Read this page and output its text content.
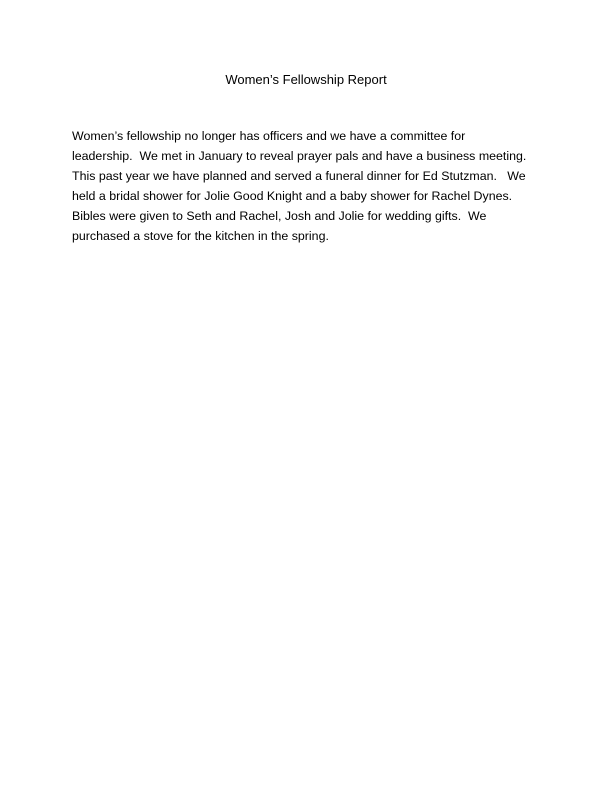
Women’s Fellowship Report

Women’s fellowship no longer has officers and we have a committee for
leadership.  We met in January to reveal prayer pals and have a business meeting.
This past year we have planned and served a funeral dinner for Ed Stutzman.   We
held a bridal shower for Jolie Good Knight and a baby shower for Rachel Dynes.
Bibles were given to Seth and Rachel, Josh and Jolie for wedding gifts.  We
purchased a stove for the kitchen in the spring.
